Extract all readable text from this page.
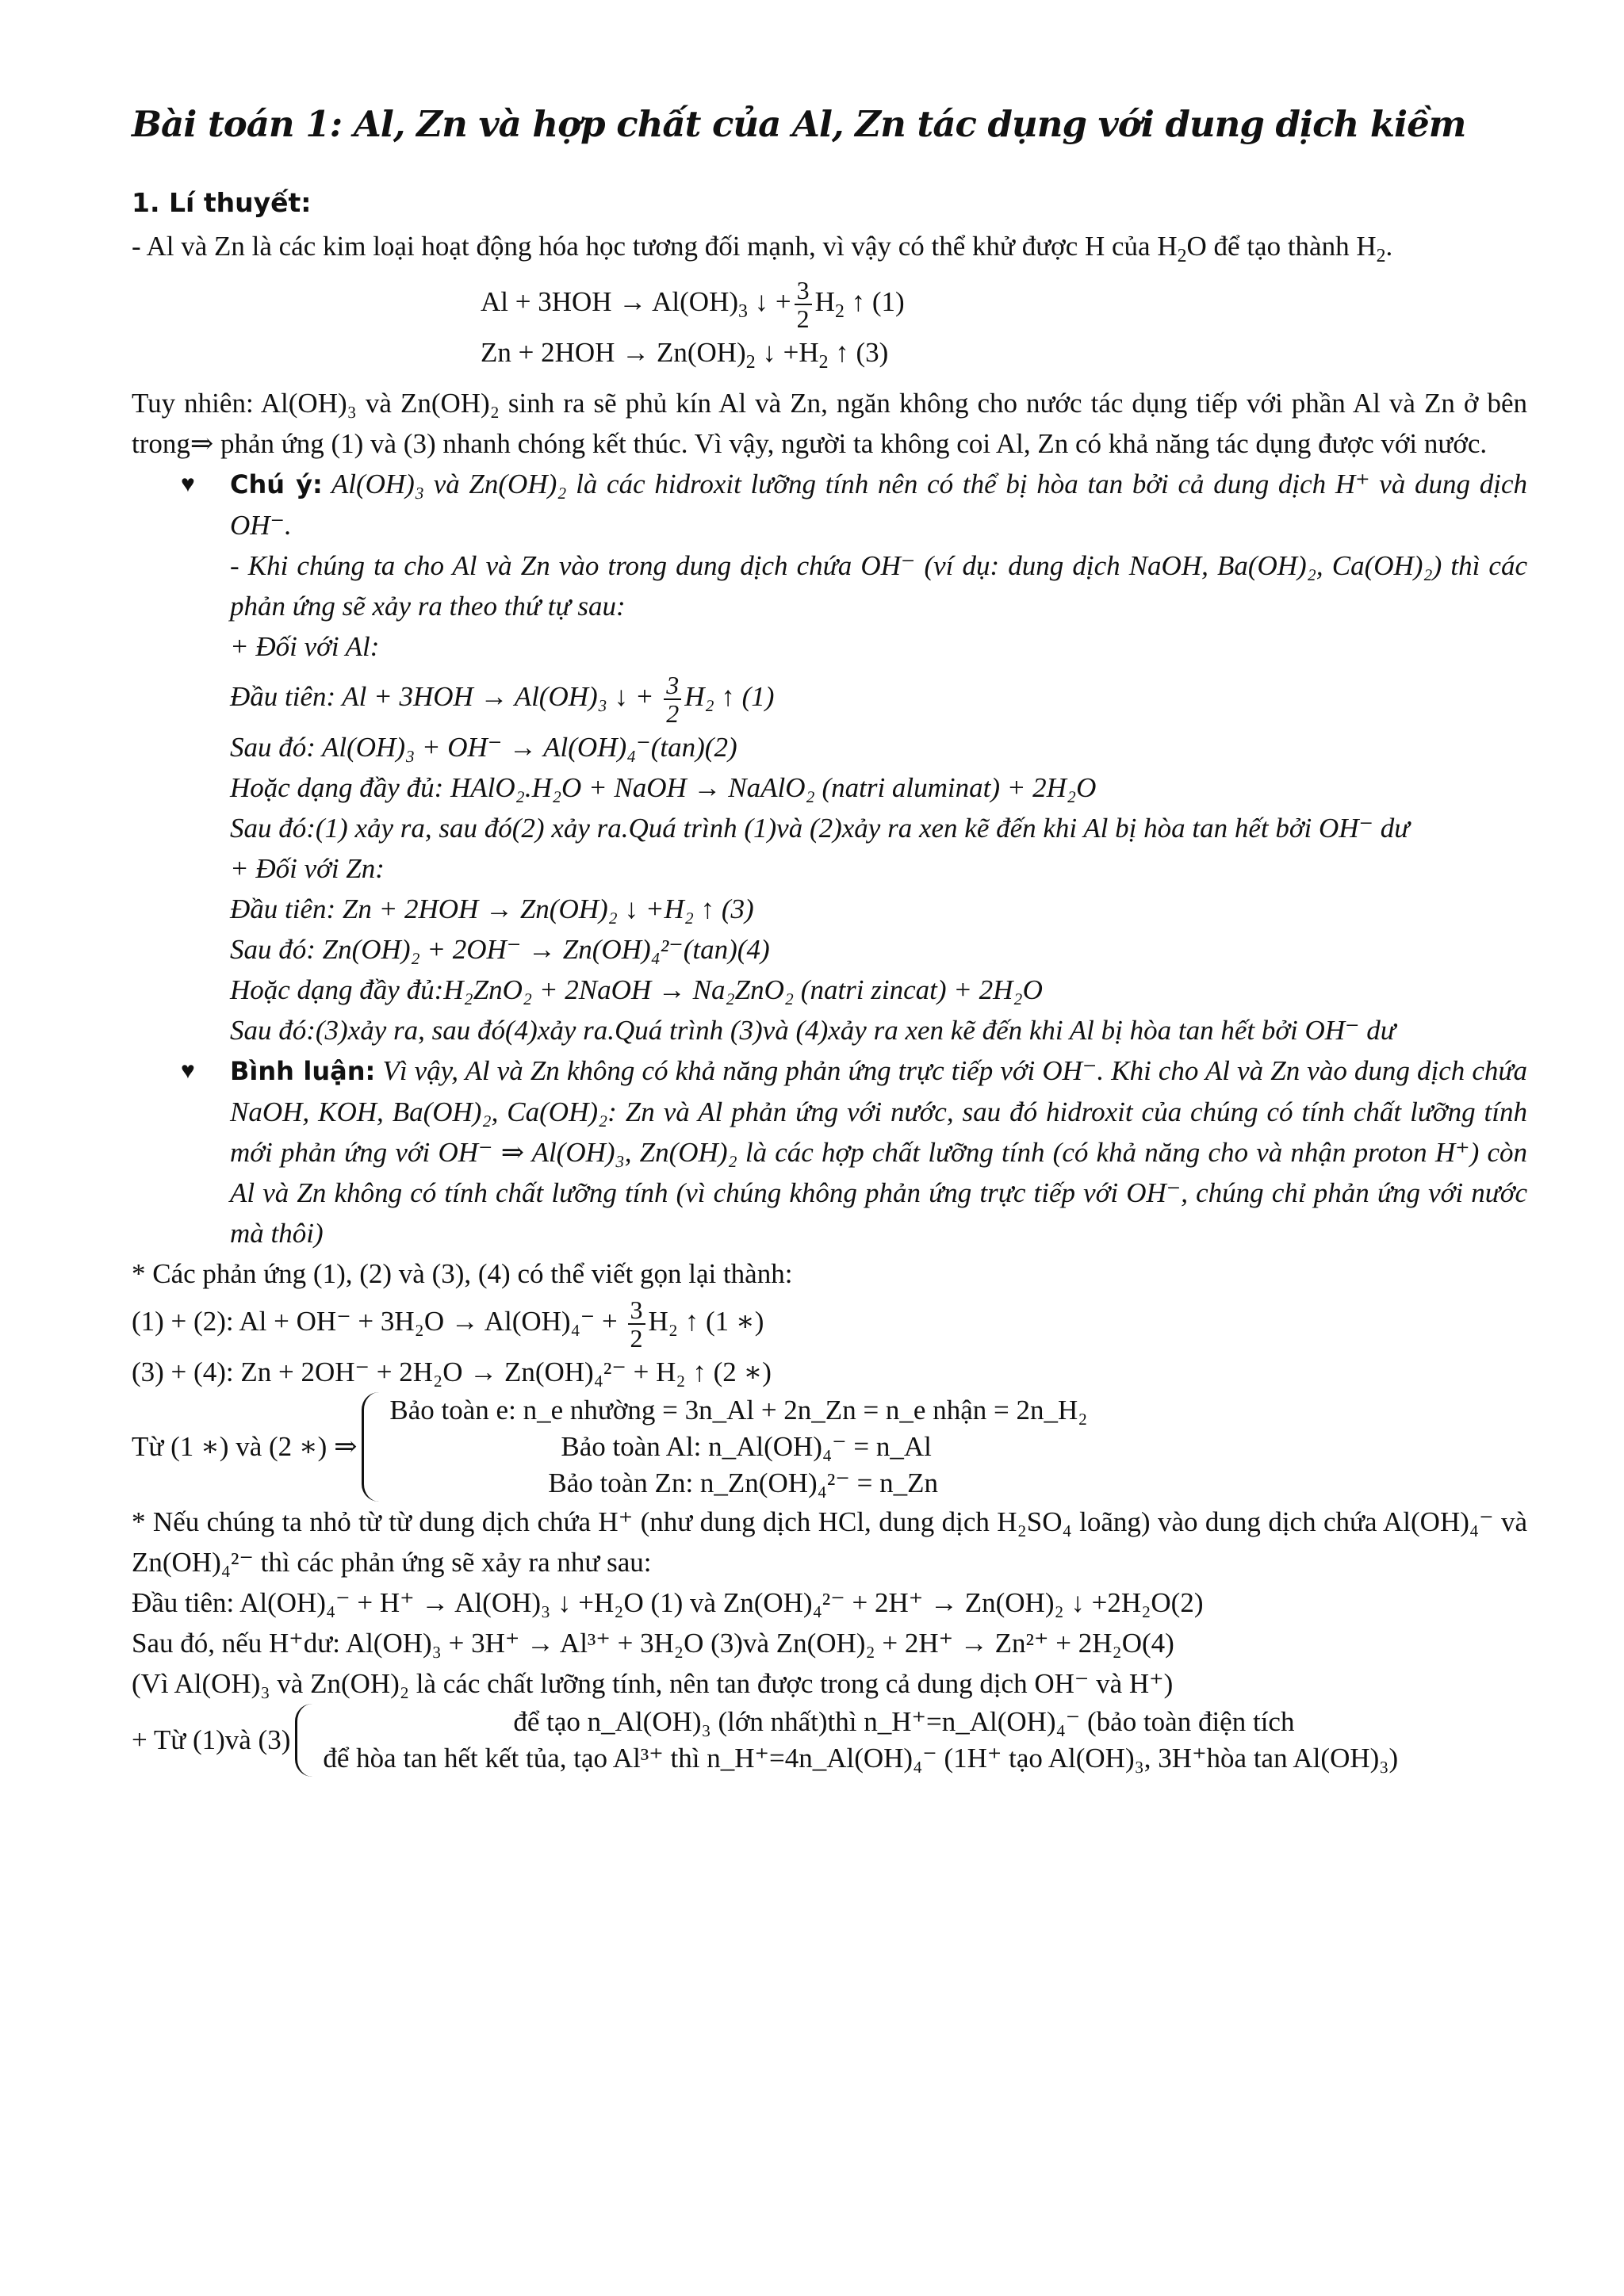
Bài toán 1: Al, Zn và hợp chất của Al, Zn tác dụng với dung dịch kiềm
1. Lí thuyết:
- Al và Zn là các kim loại hoạt động hóa học tương đối mạnh, vì vậy có thể khử được H của $H_2O$ để tạo thành $H_2$.
$Al + 3HOH \to Al(OH)_3$ ↓ + $\frac{3}{2} H_2$ ↑ (1)
$Zn + 2HOH \to Zn(OH)_2$ ↓ $+H_2$ ↑ (3)
Tuy nhiên: Al(OH)₃ và Zn(OH)₂ sinh ra sẽ phủ kín Al và Zn, ngăn không cho nước tác dụng tiếp với phần Al và Zn ở bên trong⇒ phản ứng (1) và (3) nhanh chóng kết thúc. Vì vậy, người ta không coi Al, Zn có khả năng tác dụng được với nước.
♥ Chú ý: Al(OH)₃ và Zn(OH)₂ là các hidroxit lưỡng tính nên có thể bị hòa tan bởi cả dung dịch H⁺ và dung dịch OH⁻.
- Khi chúng ta cho Al và Zn vào trong dung dịch chứa OH⁻ (ví dụ: dung dịch NaOH, Ba(OH)₂, Ca(OH)₂) thì các phản ứng sẽ xảy ra theo thứ tự sau:
+ Đối với Al:
Đầu tiên: Al + 3HOH → Al(OH)₃ ↓ + $\frac{3}{2} H_2$ ↑ (1)
Sau đó: Al(OH)₃ + OH⁻ → Al(OH)₄⁻(tan)(2)
Hoặc dạng đầy đủ: HAlO₂.H₂O + NaOH → NaAlO₂ (natri aluminat) + 2H₂O
Sau đó:(1) xảy ra, sau đó(2) xảy ra.Quá trình (1)và (2)xảy ra xen kẽ đến khi Al bị hòa tan hết bởi OH⁻ dư
+ Đối với Zn:
Đầu tiên: Zn + 2HOH → Zn(OH)₂ ↓ +H₂ ↑ (3)
Sau đó: Zn(OH)₂ + 2OH⁻ → Zn(OH)₄²⁻(tan)(4)
Hoặc dạng đầy đủ:H₂ZnO₂ + 2NaOH → Na₂ZnO₂ (natri zincat) + 2H₂O
Sau đó:(3)xảy ra, sau đó(4)xảy ra.Quá trình (3)và (4)xảy ra xen kẽ đến khi Al bị hòa tan hết bởi OH⁻ dư
♥ Bình luận: Vì vậy, Al và Zn không có khả năng phản ứng trực tiếp với OH⁻. Khi cho Al và Zn vào dung dịch chứa NaOH, KOH, Ba(OH)₂, Ca(OH)₂: Zn và Al phản ứng với nước, sau đó hidroxit của chúng có tính chất lưỡng tính mới phản ứng với OH⁻ ⇒ Al(OH)₃, Zn(OH)₂ là các hợp chất lưỡng tính (có khả năng cho và nhận proton H⁺) còn Al và Zn không có tính chất lưỡng tính (vì chúng không phản ứng trực tiếp với OH⁻, chúng chỉ phản ứng với nước mà thôi)
* Các phản ứng (1), (2) và (3), (4) có thể viết gọn lại thành:
(1) + (2): $Al + OH^- + 3H_2O \to Al(OH)_4^- + \frac{3}{2} H_2$ ↑ (1 ∗)
(3) + (4): Zn + 2OH⁻ + 2H₂O → Zn(OH)₄²⁻ + H₂ ↑ (2 ∗)
Từ (1 ∗) và (2 ∗) ⇒
Bảo toàn e: n_e nhường = 3n_Al + 2n_Zn = n_e nhận = 2n_H₂
Bảo toàn Al: n_Al(OH)₄⁻ = n_Al
Bảo toàn Zn: n_Zn(OH)₄²⁻ = n_Zn
* Nếu chúng ta nhỏ từ từ dung dịch chứa H⁺ (như dung dịch HCl, dung dịch H₂SO₄ loãng) vào dung dịch chứa Al(OH)₄⁻ và Zn(OH)₄²⁻ thì các phản ứng sẽ xảy ra như sau:
Đầu tiên: Al(OH)₄⁻ + H⁺ → Al(OH)₃ ↓ +H₂O (1) và Zn(OH)₄²⁻ + 2H⁺ → Zn(OH)₂ ↓ +2H₂O(2)
Sau đó, nếu H⁺dư: Al(OH)₃ + 3H⁺ → Al³⁺ + 3H₂O (3)và Zn(OH)₂ + 2H⁺ → Zn²⁺ + 2H₂O(4)
(Vì Al(OH)₃ và Zn(OH)₂ là các chất lưỡng tính, nên tan được trong cả dung dịch OH⁻ và H⁺)
+ Từ (1)và (3)
để tạo n_Al(OH)₃ (lớn nhất)thì n_H⁺=n_Al(OH)₄⁻ (bảo toàn điện tích
để hòa tan hết kết tủa, tạo Al³⁺ thì n_H⁺=4n_Al(OH)₄⁻ (1H⁺ tạo Al(OH)₃, 3H⁺hòa tan Al(OH)₃)
